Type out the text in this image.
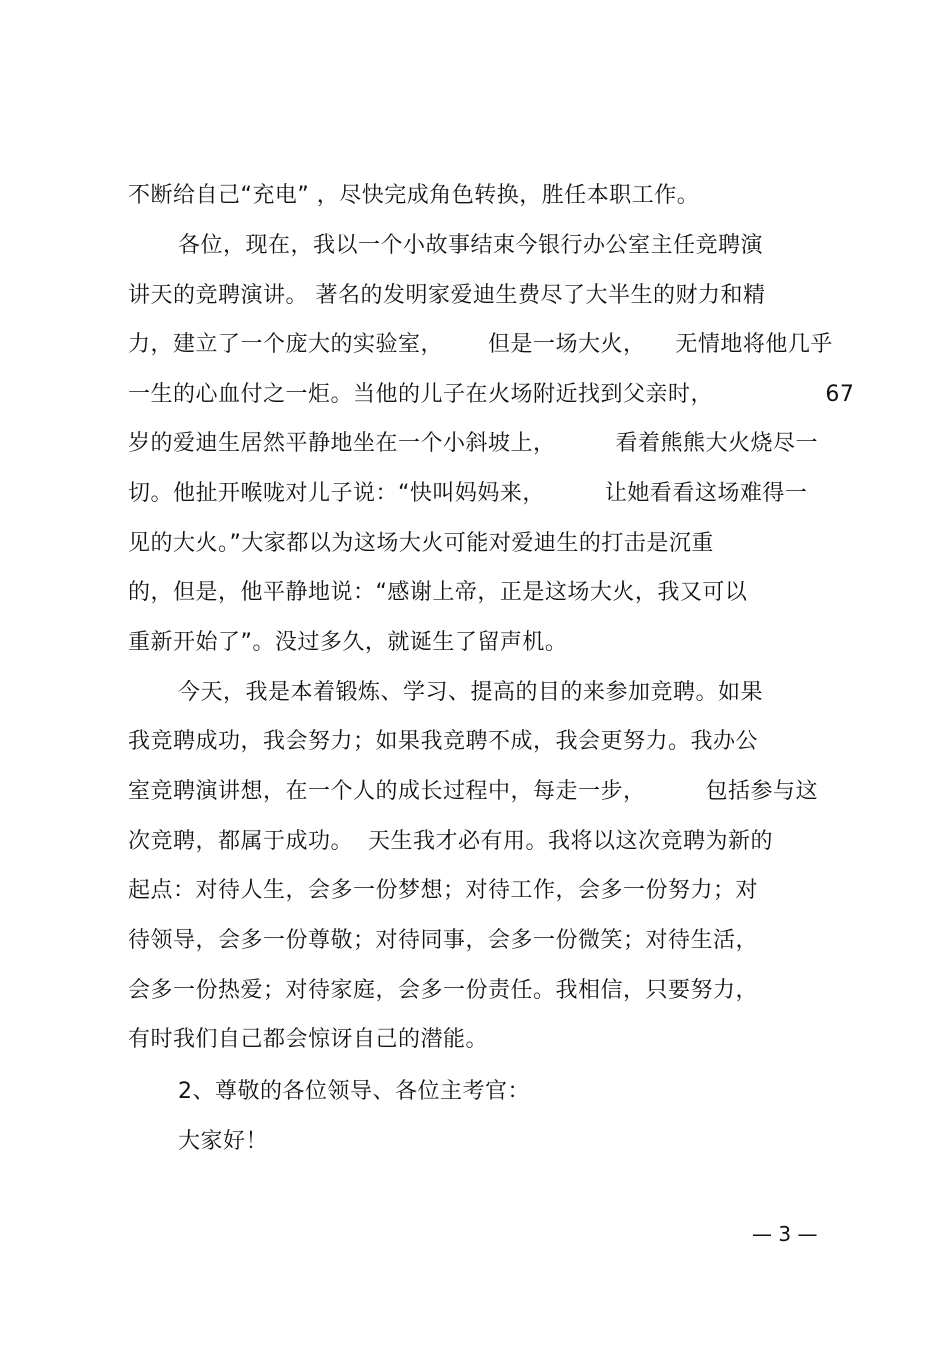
不断给自己“充电” ，尽快完成角色转换，胜任本职工作。
各位，现在，我以一个小故事结束今银行办公室主任竞聘演
讲天的竞聘演讲。 著名的发明家爱迪生费尽了大半生的财力和精
力，建立了一个庞大的实验室，      但是一场大火，    无情地将他几乎
一生的心血付之一炬。当他的儿子在火场附近找到父亲时，               67
岁的爱迪生居然平静地坐在一个小斜坡上，        看着熊熊大火烧尽一
切。他扯开喉咙对儿子说：“快叫妈妈来，        让她看看这场难得一
见的大火。”大家都以为这场大火可能对爱迪生的打击是沉重
的，但是，他平静地说：“感谢上帝，正是这场大火，我又可以
重新开始了”。没过多久，就诞生了留声机。
今天，我是本着锻炼、学习、提高的目的来参加竞聘。如果
我竞聘成功，我会努力；如果我竞聘不成，我会更努力。我办公
室竞聘演讲想，在一个人的成长过程中，每走一步，        包括参与这
次竞聘，都属于成功。  天生我才必有用。我将以这次竞聘为新的
起点：对待人生，会多一份梦想；对待工作，会多一份努力；对
待领导，会多一份尊敬；对待同事，会多一份微笑；对待生活，
会多一份热爱；对待家庭，会多一份责任。我相信，只要努力，
有时我们自己都会惊讶自己的潜能。
2、尊敬的各位领导、各位主考官：
大家好！
— 3 —
